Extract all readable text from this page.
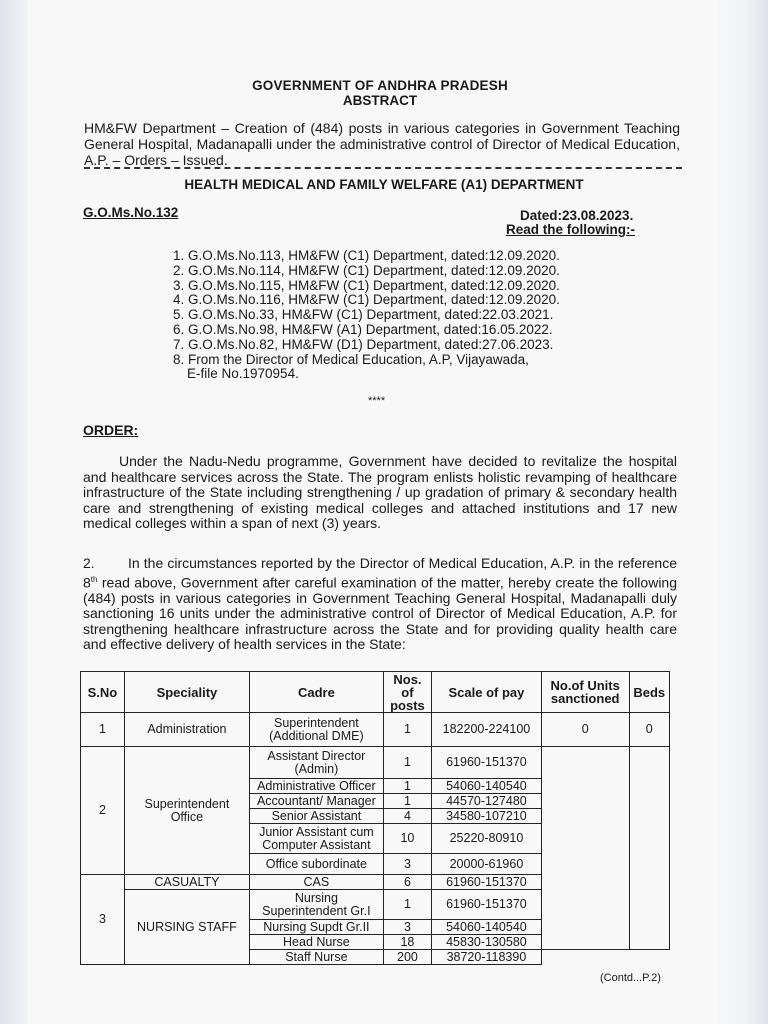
GOVERNMENT OF ANDHRA PRADESH
ABSTRACT
HM&FW Department – Creation of (484) posts in various categories in Government Teaching General Hospital, Madanapalli under the administrative control of Director of Medical Education, A.P. – Orders – Issued.
HEALTH MEDICAL AND FAMILY WELFARE (A1) DEPARTMENT
G.O.Ms.No.132	Dated:23.08.2023.
Read the following:-
1. G.O.Ms.No.113, HM&FW (C1) Department, dated:12.09.2020.
2. G.O.Ms.No.114, HM&FW (C1) Department, dated:12.09.2020.
3. G.O.Ms.No.115, HM&FW (C1) Department, dated:12.09.2020.
4. G.O.Ms.No.116, HM&FW (C1) Department, dated:12.09.2020.
5. G.O.Ms.No.33, HM&FW (C1) Department, dated:22.03.2021.
6. G.O.Ms.No.98, HM&FW (A1) Department, dated:16.05.2022.
7. G.O.Ms.No.82, HM&FW (D1) Department, dated:27.06.2023.
8. From the Director of Medical Education, A.P, Vijayawada,
E-file No.1970954.
****
ORDER:
Under the Nadu-Nedu programme, Government have decided to revitalize the hospital and healthcare services across the State. The program enlists holistic revamping of healthcare infrastructure of the State including strengthening / up gradation of primary & secondary health care and strengthening of existing medical colleges and attached institutions and 17 new medical colleges within a span of next (3) years.
2. In the circumstances reported by the Director of Medical Education, A.P. in the reference 8th read above, Government after careful examination of the matter, hereby create the following (484) posts in various categories in Government Teaching General Hospital, Madanapalli duly sanctioning 16 units under the administrative control of Director of Medical Education, A.P. for strengthening healthcare infrastructure across the State and for providing quality health care and effective delivery of health services in the State:
S.No	Speciality	Cadre	Nos. of posts	Scale of pay	No.of Units sanctioned	Beds
1	Administration	Superintendent (Additional DME)	1	182200-224100	0	0
2	Superintendent Office	Assistant Director (Admin)	1	61960-151370		
		Administrative Officer	1	54060-140540		
		Accountant/ Manager	1	44570-127480		
		Senior Assistant	4	34580-107210		
		Junior Assistant cum Computer Assistant	10	25220-80910		
		Office subordinate	3	20000-61960		
3	CASUALTY	CAS	6	61960-151370		
	NURSING STAFF	Nursing Superintendent Gr.I	1	61960-151370		
		Nursing Supdt Gr.II	3	54060-140540		
		Head Nurse	18	45830-130580		
		Staff Nurse	200	38720-118390		
(Contd...P.2)
